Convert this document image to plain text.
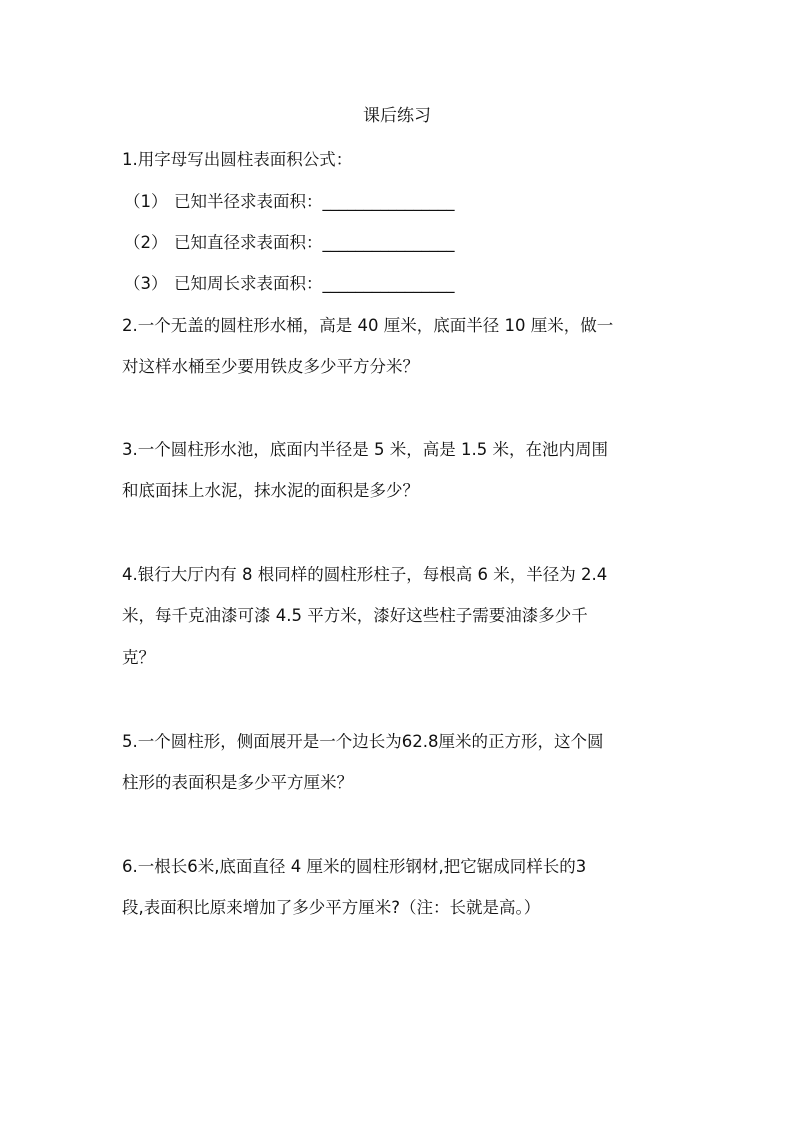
课后练习
1.用字母写出圆柱表面积公式：
（1） 已知半径求表面积：________________
（2） 已知直径求表面积：________________
（3） 已知周长求表面积：________________
2.一个无盖的圆柱形水桶，高是 40 厘米，底面半径 10 厘米，做一
对这样水桶至少要用铁皮多少平方分米？
3.一个圆柱形水池，底面内半径是 5 米，高是 1.5 米，在池内周围
和底面抹上水泥，抹水泥的面积是多少？
4.银行大厅内有 8 根同样的圆柱形柱子，每根高 6 米，半径为 2.4
米，每千克油漆可漆 4.5 平方米，漆好这些柱子需要油漆多少千
克？
5.一个圆柱形，侧面展开是一个边长为62.8厘米的正方形，这个圆
柱形的表面积是多少平方厘米？
6.一根长6米,底面直径 4 厘米的圆柱形钢材,把它锯成同样长的3
段,表面积比原来增加了多少平方厘米?（注：长就是高。）
